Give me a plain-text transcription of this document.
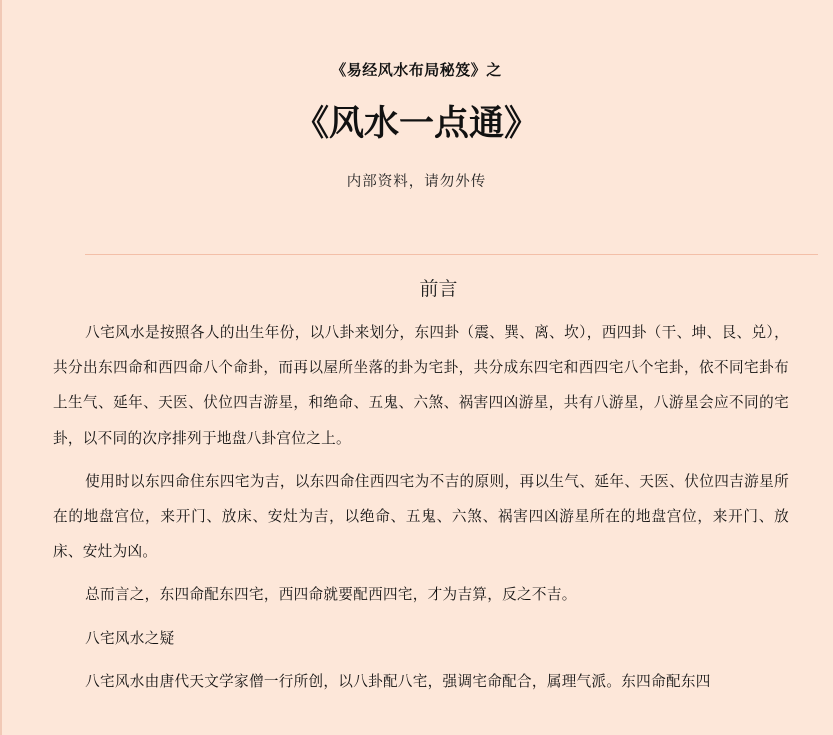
《易经风水布局秘笈》之
《风水一点通》
内部资料，请勿外传
前言

八宅风水是按照各人的出生年份，以八卦来划分，东四卦（震、巽、离、坎），西四卦（干、坤、艮、兑），共分出东四命和西四命八个命卦，而再以屋所坐落的卦为宅卦，共分成东四宅和西四宅八个宅卦，依不同宅卦布上生气、延年、天医、伏位四吉游星，和绝命、五鬼、六煞、祸害四凶游星，共有八游星，八游星会应不同的宅卦，以不同的次序排列于地盘八卦宫位之上。

使用时以东四命住东四宅为吉，以东四命住西四宅为不吉的原则，再以生气、延年、天医、伏位四吉游星所在的地盘宫位，来开门、放床、安灶为吉，以绝命、五鬼、六煞、祸害四凶游星所在的地盘宫位，来开门、放床、安灶为凶。

总而言之，东四命配东四宅，西四命就要配西四宅，才为吉算，反之不吉。

八宅风水之疑

八宅风水由唐代天文学家僧一行所创，以八卦配八宅，强调宅命配合，属理气派。东四命配东四
